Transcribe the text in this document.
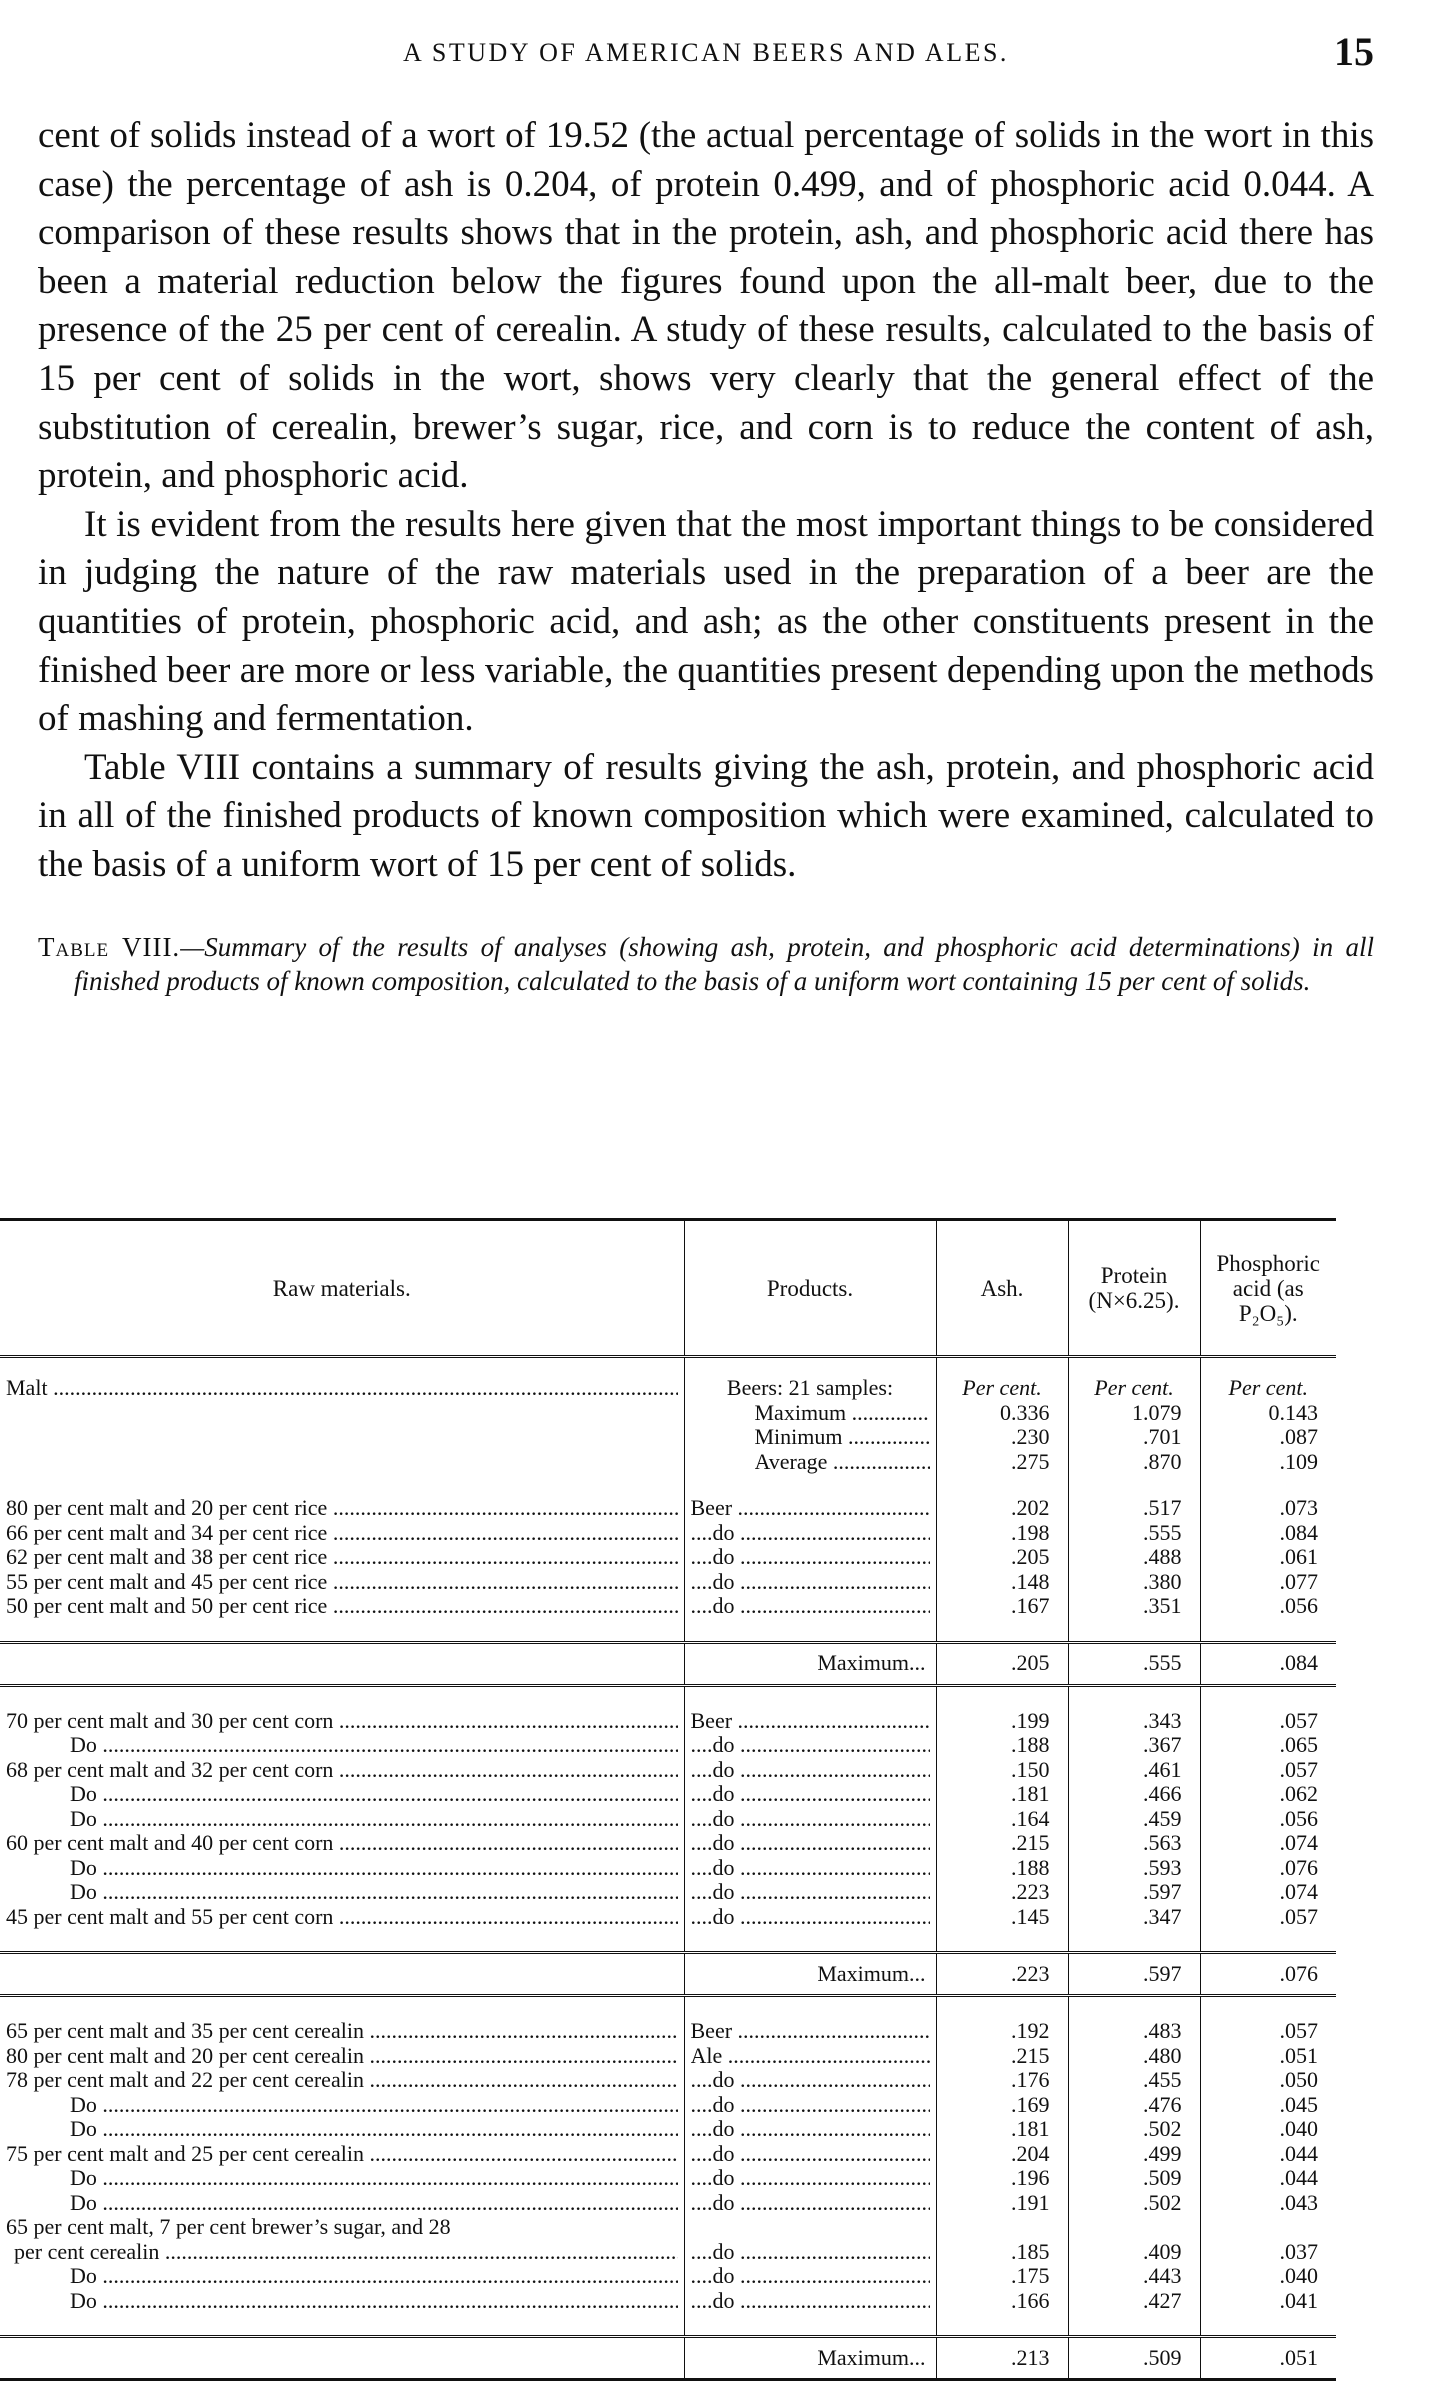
A STUDY OF AMERICAN BEERS AND ALES.	15

cent of solids instead of a wort of 19.52 (the actual percentage of solids in the wort in this case) the percentage of ash is 0.204, of protein 0.499, and of phosphoric acid 0.044. A comparison of these results shows that in the protein, ash, and phosphoric acid there has been a material reduction below the figures found upon the all-malt beer, due to the presence of the 25 per cent of cerealin. A study of these results, calculated to the basis of 15 per cent of solids in the wort, shows very clearly that the general effect of the substitution of cerealin, brewer’s sugar, rice, and corn is to reduce the content of ash, protein, and phosphoric acid.

It is evident from the results here given that the most important things to be considered in judging the nature of the raw materials used in the preparation of a beer are the quantities of protein, phosphoric acid, and ash; as the other constituents present in the finished beer are more or less variable, the quantities present depending upon the methods of mashing and fermentation.

Table VIII contains a summary of results giving the ash, protein, and phosphoric acid in all of the finished products of known composition which were examined, calculated to the basis of a uniform wort of 15 per cent of solids.

Table VIII.—Summary of the results of analyses (showing ash, protein, and phosphoric acid determinations) in all finished products of known composition, calculated to the basis of a uniform wort containing 15 per cent of solids.

Raw materials.	Products.	Ash.	Protein (N×6.25).	Phosphoric acid (as P₂O₅).

Malt .....	Beers: 21 samples:	Per cent.	Per cent.	Per cent.

	Maximum .....	0.336	1.079	0.143

	Minimum .....	.230	.701	.087

	Average .....	.275	.870	.109

80 per cent malt and 20 per cent rice .....	Beer .....	.202	.517	.073

66 per cent malt and 34 per cent rice .....	....do .....	.198	.555	.084

62 per cent malt and 38 per cent rice .....	....do .....	.205	.488	.061

55 per cent malt and 45 per cent rice .....	....do .....	.148	.380	.077

50 per cent malt and 50 per cent rice .....	....do .....	.167	.351	.056

	Maximum...	.205	.555	.084

70 per cent malt and 30 per cent corn .....	Beer .....	.199	.343	.057

Do .....	....do .....	.188	.367	.065

68 per cent malt and 32 per cent corn .....	....do .....	.150	.461	.057

Do .....	....do .....	.181	.466	.062

Do .....	....do .....	.164	.459	.056

60 per cent malt and 40 per cent corn .....	....do .....	.215	.563	.074

Do .....	....do .....	.188	.593	.076

Do .....	....do .....	.223	.597	.074

45 per cent malt and 55 per cent corn .....	....do .....	.145	.347	.057

	Maximum...	.223	.597	.076

65 per cent malt and 35 per cent cerealin .....	Beer .....	.192	.483	.057

80 per cent malt and 20 per cent cerealin .....	Ale .....	.215	.480	.051

78 per cent malt and 22 per cent cerealin .....	....do .....	.176	.455	.050

Do .....	....do .....	.169	.476	.045

Do .....	....do .....	.181	.502	.040

75 per cent malt and 25 per cent cerealin .....	....do .....	.204	.499	.044

Do .....	....do .....	.196	.509	.044

Do .....	....do .....	.191	.502	.043
65 per cent malt, 7 per cent brewer’s sugar, and 28				

per cent cerealin .....	....do .....	.185	.409	.037

Do .....	....do .....	.175	.443	.040

Do .....	....do .....	.166	.427	.041

	Maximum...	.213	.509	.051
